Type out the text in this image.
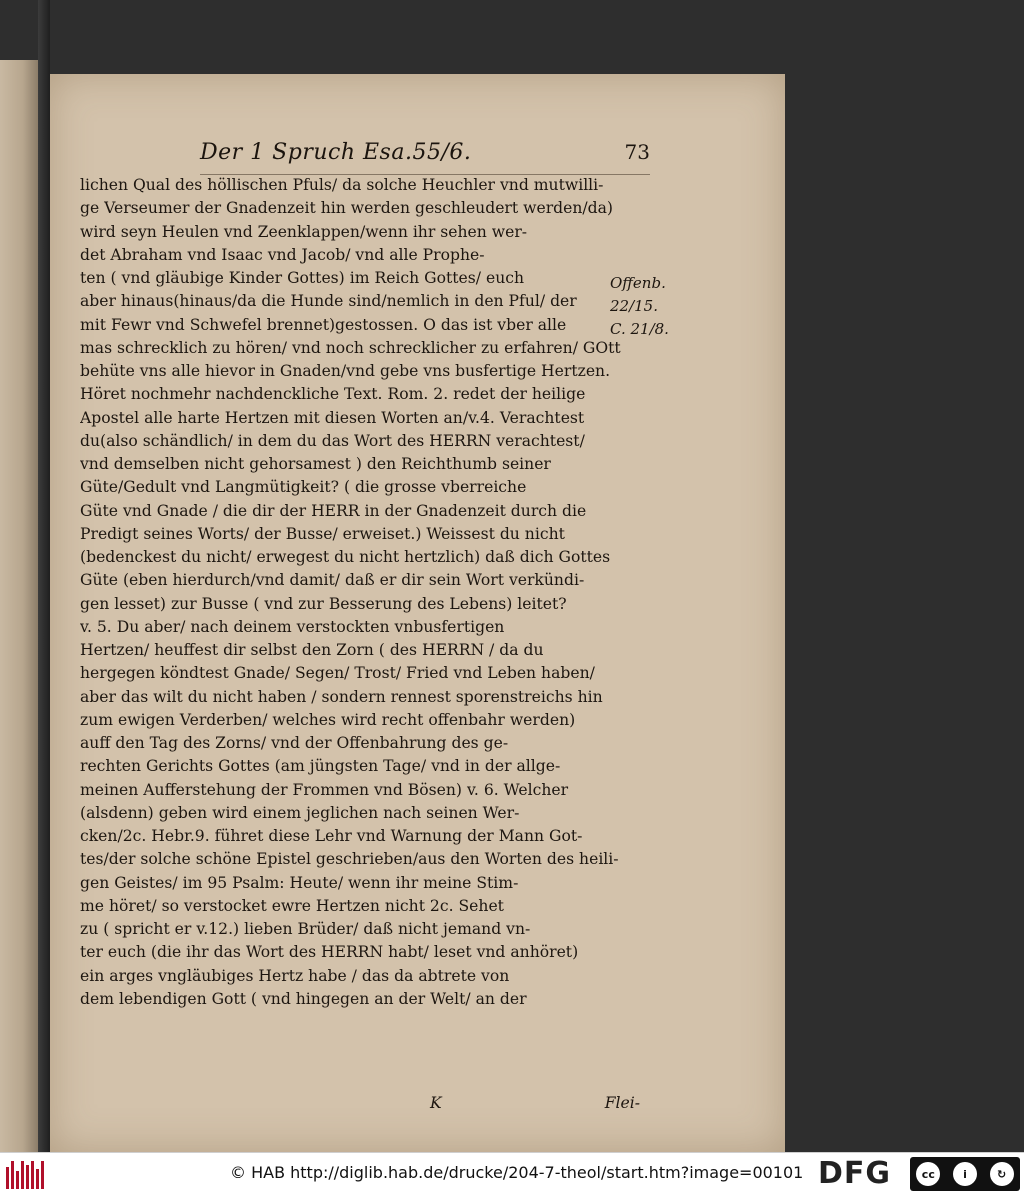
Der 1 Spruch Esa.55/6.	73
lichen Qual des höllischen Pfuls/ da solche Heuchler vnd mutwilli-
ge Verseumer der Gnadenzeit hin werden geschleudert werden/da)
wird seyn Heulen vnd Zeenklappen/wenn ihr sehen wer-
det Abraham vnd Isaac vnd Jacob/ vnd alle Prophe-
ten ( vnd gläubige Kinder Gottes) im Reich Gottes/ euch
aber hinaus(hinaus/da die Hunde sind/nemlich in den Pful/ der
mit Fewr vnd Schwefel brennet)gestossen. O das ist vber alle
mas schrecklich zu hören/ vnd noch schrecklicher zu erfahren/ GOtt
behüte vns alle hievor in Gnaden/vnd gebe vns busfertige Hertzen.
Höret nochmehr nachdenckliche Text. Rom. 2. redet der heilige
Apostel alle harte Hertzen mit diesen Worten an/v.4. Verachtest
du(also schändlich/ in dem du das Wort des HERRN verachtest/
vnd demselben nicht gehorsamest ) den Reichthumb seiner
Güte/Gedult vnd Langmütigkeit? ( die grosse vberreiche
Güte vnd Gnade / die dir der HERR in der Gnadenzeit durch die
Predigt seines Worts/ der Busse/ erweiset.) Weissest du nicht
(bedenckest du nicht/ erwegest du nicht hertzlich) daß dich Gottes
Güte (eben hierdurch/vnd damit/ daß er dir sein Wort verkündi-
gen lesset) zur Busse ( vnd zur Besserung des Lebens) leitet?
v. 5. Du aber/ nach deinem verstockten vnbusfertigen
Hertzen/ heuffest dir selbst den Zorn ( des HERRN / da du
hergegen köndtest Gnade/ Segen/ Trost/ Fried vnd Leben haben/
aber das wilt du nicht haben / sondern rennest sporenstreichs hin
zum ewigen Verderben/ welches wird recht offenbahr werden)
auff den Tag des Zorns/ vnd der Offenbahrung des ge-
rechten Gerichts Gottes (am jüngsten Tage/ vnd in der allge-
meinen Aufferstehung der Frommen vnd Bösen) v. 6. Welcher
(alsdenn) geben wird einem jeglichen nach seinen Wer-
cken/2c. Hebr.9. führet diese Lehr vnd Warnung der Mann Got-
tes/der solche schöne Epistel geschrieben/aus den Worten des heili-
gen Geistes/ im 95 Psalm: Heute/ wenn ihr meine Stim-
me höret/ so verstocket ewre Hertzen nicht 2c. Sehet
zu ( spricht er v.12.) lieben Brüder/ daß nicht jemand vn-
ter euch (die ihr das Wort des HERRN habt/ leset vnd anhöret)
ein arges vngläubiges Hertz habe / das da abtrete von
dem lebendigen Gott ( vnd hingegen an der Welt/ an der
Offenb.
22/15.
C. 21/8.
K	Flei-
© HAB http://diglib.hab.de/drucke/204-7-theol/start.htm?image=00101 DFG	cc	i	↻
